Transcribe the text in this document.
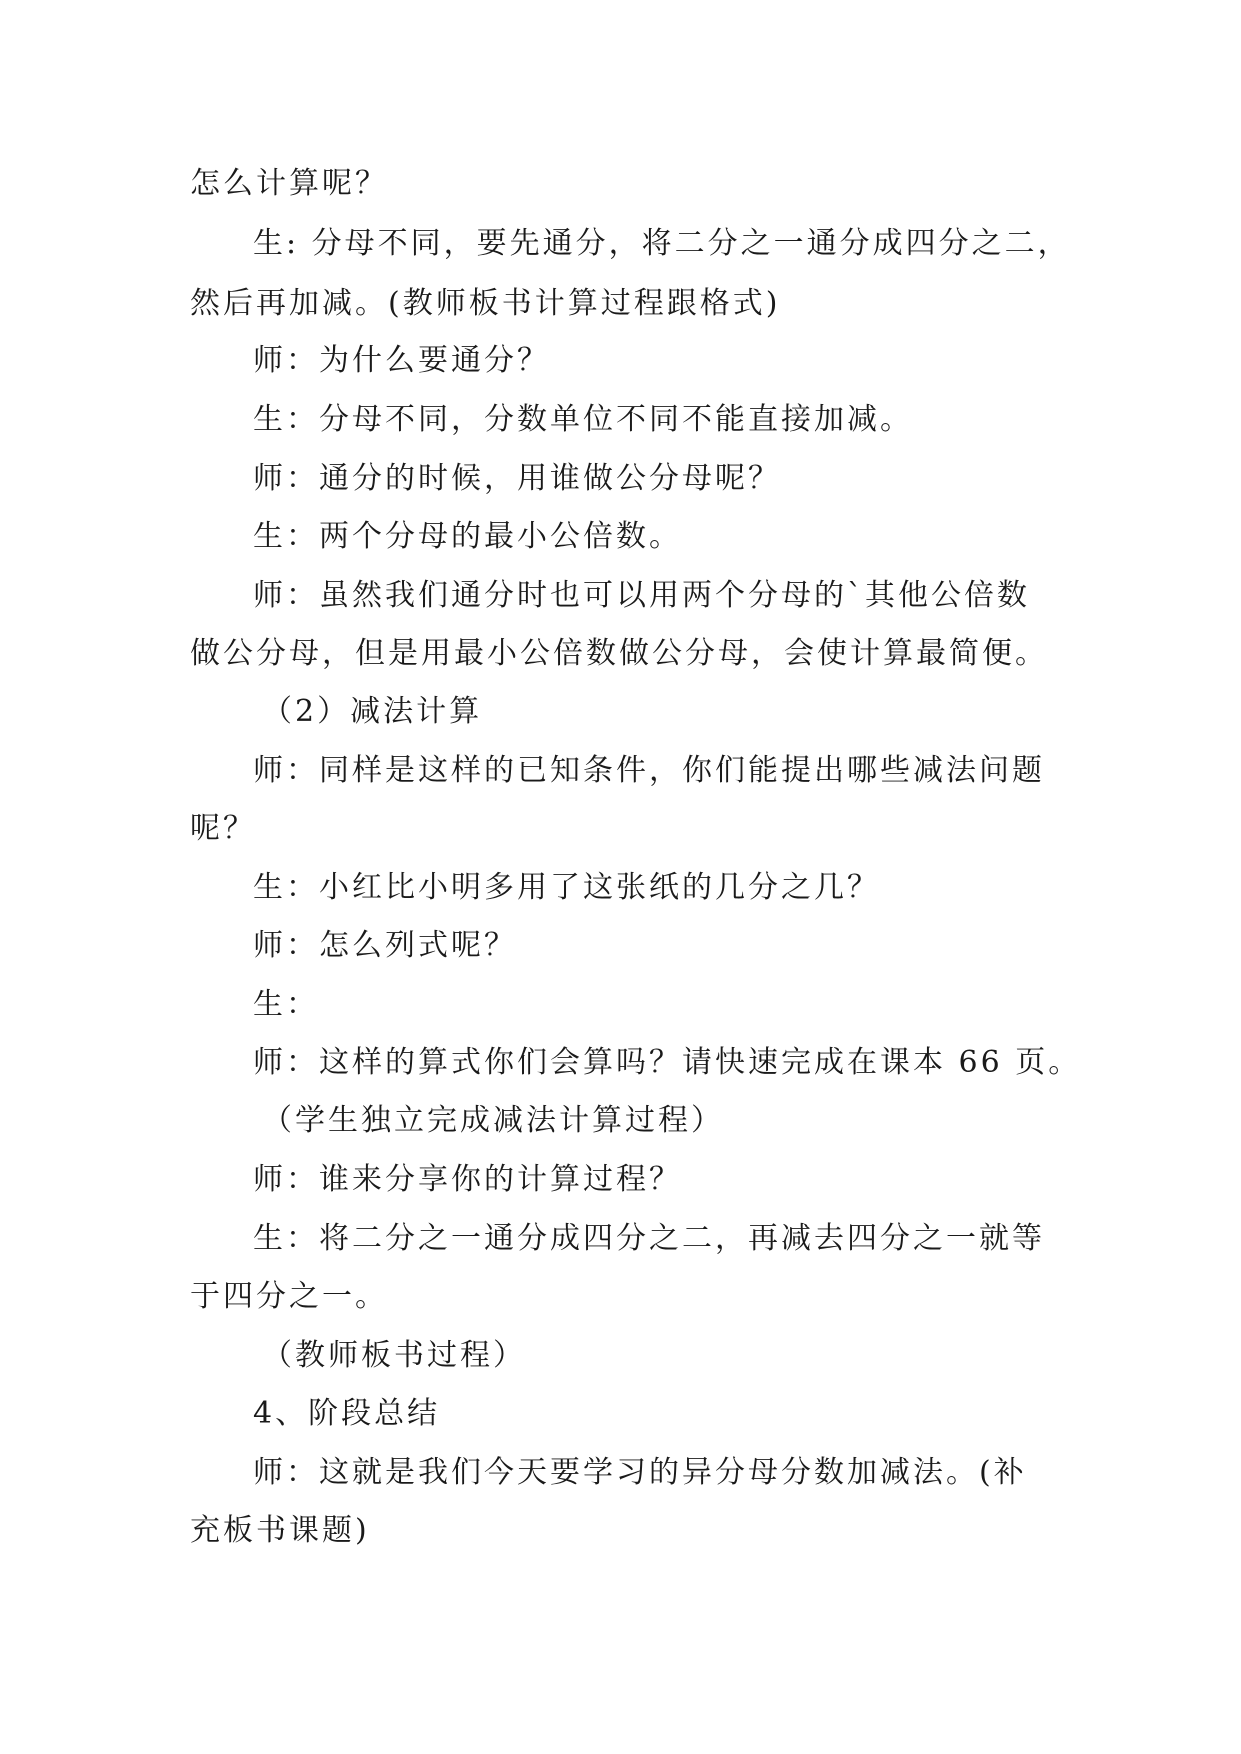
怎么计算呢？
生: 分母不同，要先通分，将二分之一通分成四分之二，
然后再加减。(教师板书计算过程跟格式)
师：为什么要通分？
生：分母不同，分数单位不同不能直接加减。
师：通分的时候，用谁做公分母呢？
生：两个分母的最小公倍数。
师：虽然我们通分时也可以用两个分母的`其他公倍数
做公分母，但是用最小公倍数做公分母，会使计算最简便。
（2）减法计算
师：同样是这样的已知条件，你们能提出哪些减法问题
呢？
生：小红比小明多用了这张纸的几分之几？
师：怎么列式呢？
生：
师：这样的算式你们会算吗？请快速完成在课本 66 页。
（学生独立完成减法计算过程）
师：谁来分享你的计算过程？
生：将二分之一通分成四分之二，再减去四分之一就等
于四分之一。
（教师板书过程）
4、阶段总结
师：这就是我们今天要学习的异分母分数加减法。(补
充板书课题)
